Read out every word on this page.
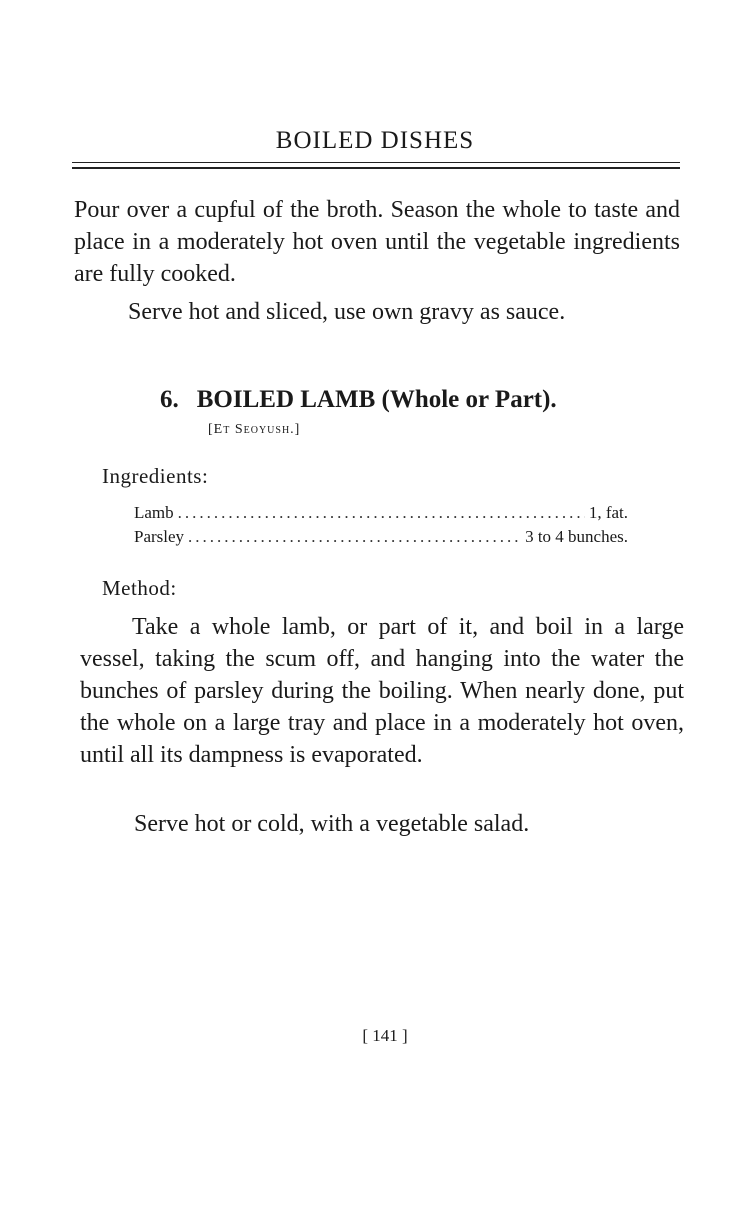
BOILED DISHES

Pour over a cupful of the broth. Season the whole to taste and place in a moderately hot oven until the vegetable ingredients are fully cooked.

Serve hot and sliced, use own gravy as sauce.

6. BOILED LAMB (Whole or Part).
[Et Seoyush.]
Ingredients:
Lamb .....	1, fat.
Parsley .....	3 to 4 bunches.
Method:

Take a whole lamb, or part of it, and boil in a large vessel, taking the scum off, and hanging into the water the bunches of parsley during the boiling. When nearly done, put the whole on a large tray and place in a moderately hot oven, until all its dampness is evaporated.

Serve hot or cold, with a vegetable salad.

[ 141 ]
